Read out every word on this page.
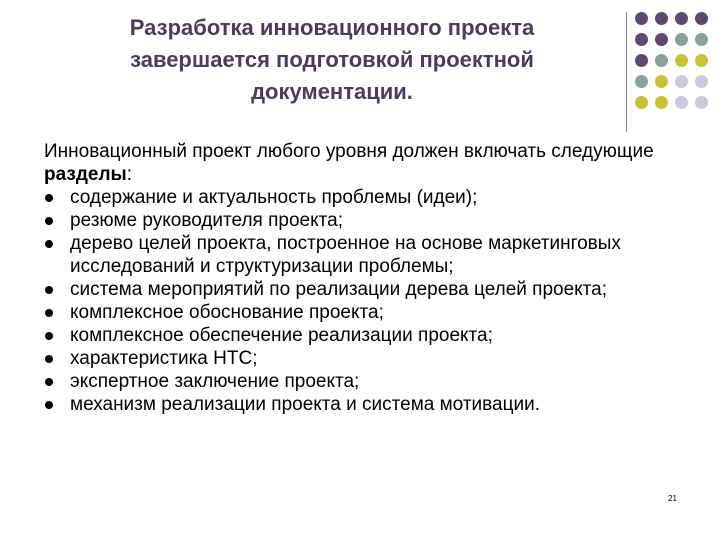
Разработка инновационного проекта
завершается подготовкой проектной
документации.
Инновационный проект любого уровня должен включать следующие разделы:
содержание и актуальность проблемы (идеи);
резюме руководителя проекта;
дерево целей проекта, построенное на основе маркетинговых исследований и структуризации проблемы;
система мероприятий по реализации дерева целей проекта;
комплексное обоснование проекта;
комплексное обеспечение реализации проекта;
характеристика НТС;
экспертное заключение проекта;
механизм реализации проекта и система мотивации.
21
